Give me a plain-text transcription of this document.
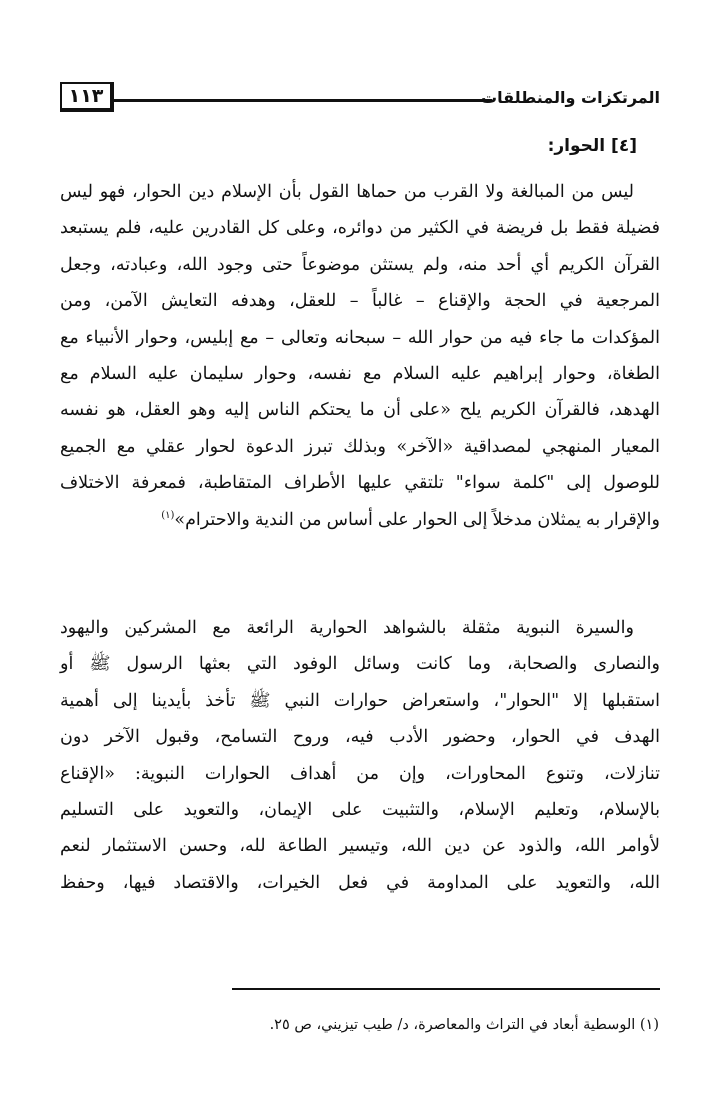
١١٣	المرتكزات والمنطلقات
[٤] الحوار:

ليس من المبالغة ولا القرب من حماها القول بأن الإسلام دين الحوار، فهو ليس

فضيلة فقط بل فريضة في الكثير من دوائره، وعلى كل القادرين عليه، فلم يستبعد

القرآن الكريم أي أحد منه، ولم يستثن موضوعاً حتى وجود الله، وعبادته، وجعل

المرجعية في الحجة والإقناع – غالباً – للعقل، وهدفه التعايش الآمن، ومن

المؤكدات ما جاء فيه من حوار الله – سبحانه وتعالى – مع إبليس، وحوار الأنبياء مع

الطغاة، وحوار إبراهيم عليه السلام مع نفسه، وحوار سليمان عليه السلام مع

الهدهد، فالقرآن الكريم يلح «على أن ما يحتكم الناس إليه وهو العقل، هو نفسه

المعيار المنهجي لمصداقية «الآخر» وبذلك تبرز الدعوة لحوار عقلي مع الجميع

للوصول إلى "كلمة سواء" تلتقي عليها الأطراف المتقاطبة، فمعرفة الاختلاف

والإقرار به يمثلان مدخلاً إلى الحوار على أساس من الندية والاحترام»$^{(١)}$

والسيرة النبوية مثقلة بالشواهد الحوارية الرائعة مع المشركين واليهود

والنصارى والصحابة، وما كانت وسائل الوفود التي بعثها الرسول ﷺ أو

استقبلها إلا "الحوار"، واستعراض حوارات النبي ﷺ تأخذ بأيدينا إلى أهمية

الهدف في الحوار، وحضور الأدب فيه، وروح التسامح، وقبول الآخر دون

تنازلات، وتنوع المحاورات، وإن من أهداف الحوارات النبوية: «الإقناع

بالإسلام، وتعليم الإسلام، والتثبيت على الإيمان، والتعويد على التسليم

لأوامر الله، والذود عن دين الله، وتيسير الطاعة لله، وحسن الاستثمار لنعم

الله، والتعويد على المداومة في فعل الخيرات، والاقتصاد فيها، وحفظ

(١) الوسطية أبعاد في التراث والمعاصرة، د/ طيب تيزيني، ص ٢٥.
